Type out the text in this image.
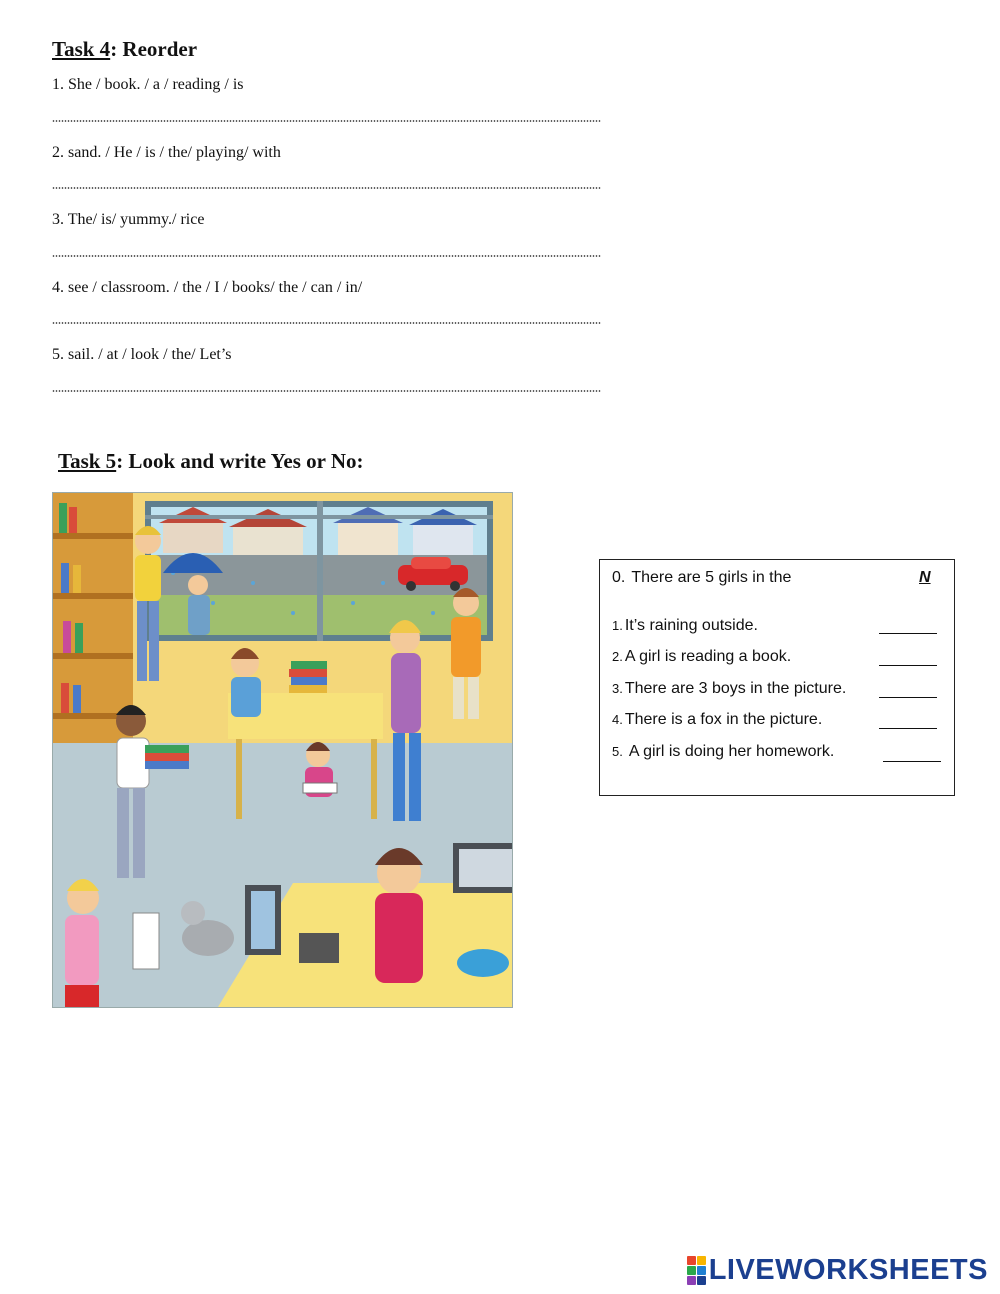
Task 4: Reorder
1. She / book. / a / reading / is
2. sand. / He / is / the/ playing/ with
3. The/ is/ yummy./ rice
4. see / classroom. / the / I / books/ the / can / in/
5. sail. / at / look / the/ Let’s
Task 5: Look and write Yes or No:
0. There are 5 girls in the	N
1. It’s raining outside.
2. A girl is reading a book.
3. There are 3 boys in the picture.
4. There is a fox in the picture.
5. A girl is doing her homework.
LIVEWORKSHEETS
